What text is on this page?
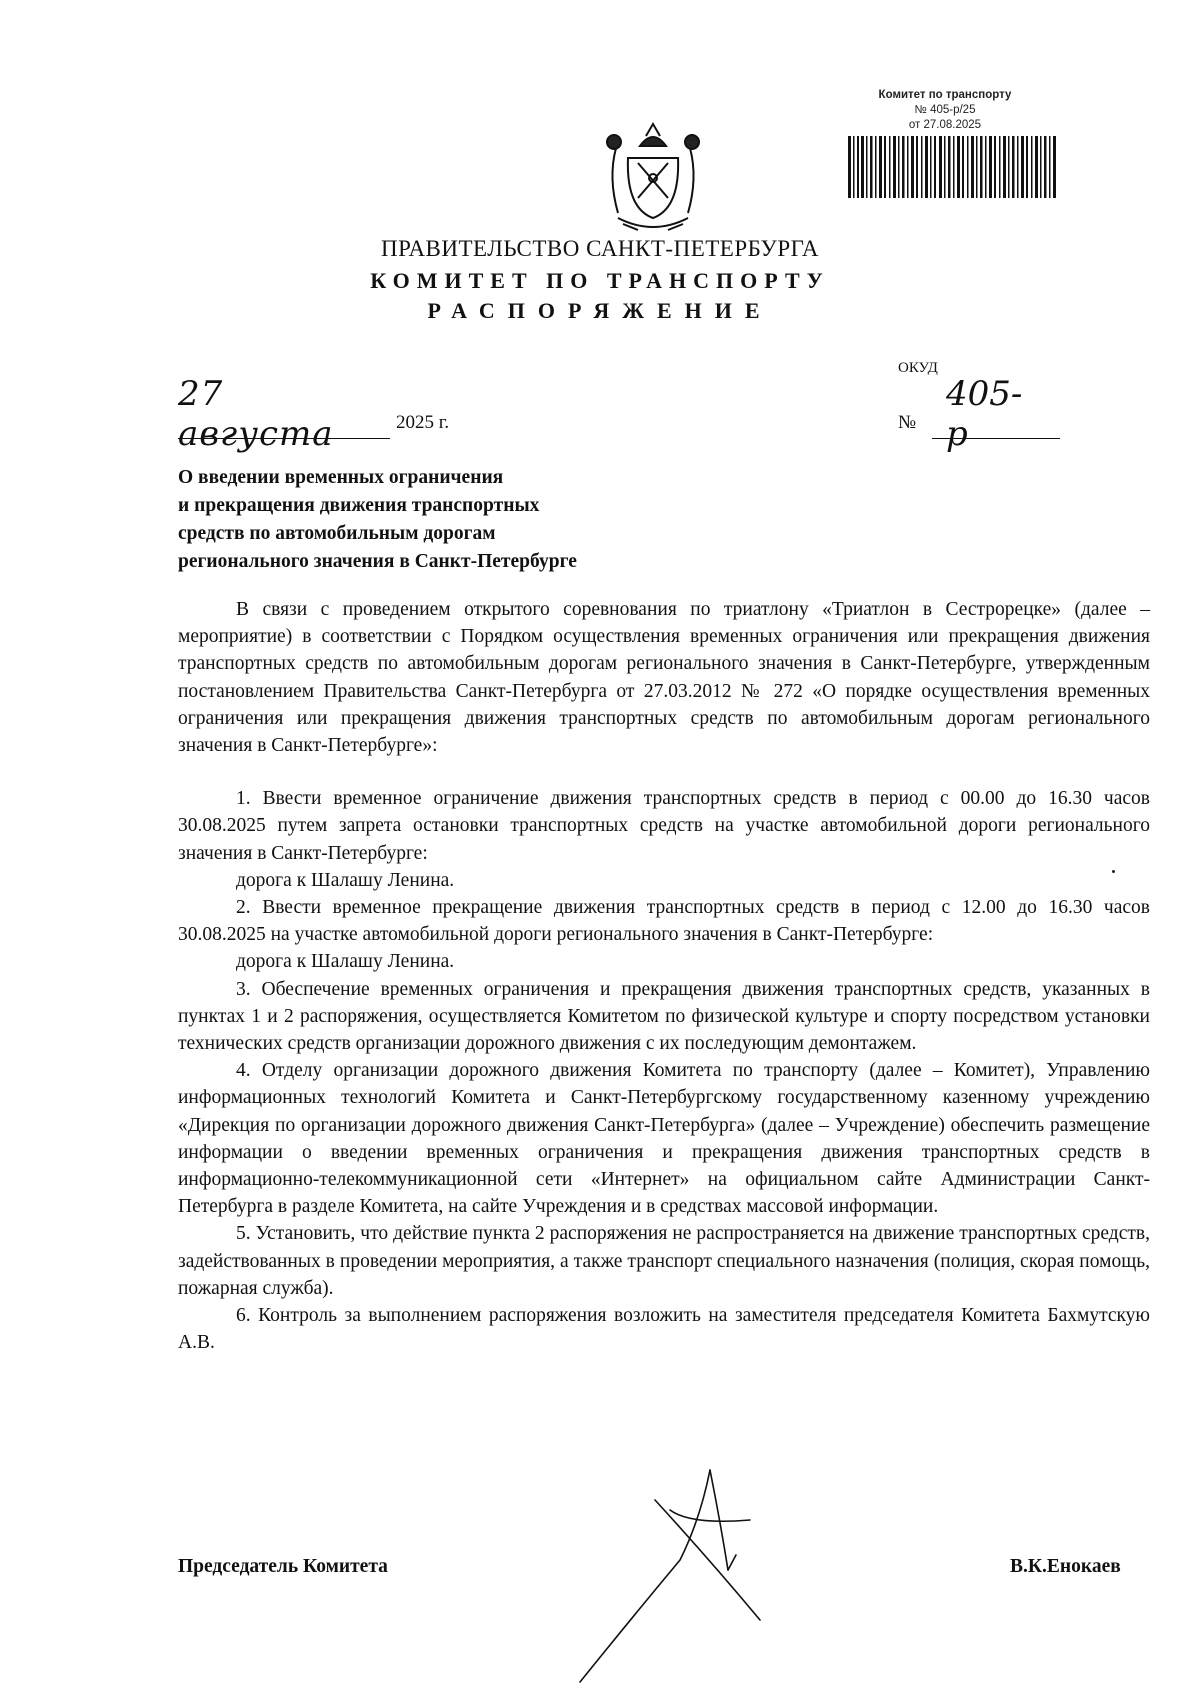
Комитет по транспорту
№ 405-р/25
от 27.08.2025
ПРАВИТЕЛЬСТВО САНКТ-ПЕТЕРБУРГА
КОМИТЕТ ПО ТРАНСПОРТУ
РАСПОРЯЖЕНИЕ
ОКУД
27 августа	2025 г.	№
405-р
О введении временных ограничения
и прекращения движения транспортных
средств по автомобильным дорогам
регионального значения в Санкт-Петербурге

В связи с проведением открытого соревнования по триатлону «Триатлон в Сестрорецке» (далее – мероприятие) в соответствии с Порядком осуществления временных ограничения или прекращения движения транспортных средств по автомобильным дорогам регионального значения в Санкт-Петербурге, утвержденным постановлением Правительства Санкт-Петербурга от 27.03.2012 № 272 «О порядке осуществления временных ограничения или прекращения движения транспортных средств по автомобильным дорогам регионального значения в Санкт-Петербурге»:

1. Ввести временное ограничение движения транспортных средств в период с 00.00 до 16.30 часов 30.08.2025 путем запрета остановки транспортных средств на участке автомобильной дороги регионального значения в Санкт-Петербурге:

дорога к Шалашу Ленина.

2. Ввести временное прекращение движения транспортных средств в период с 12.00 до 16.30 часов 30.08.2025 на участке автомобильной дороги регионального значения в Санкт-Петербурге:

дорога к Шалашу Ленина.

3. Обеспечение временных ограничения и прекращения движения транспортных средств, указанных в пунктах 1 и 2 распоряжения, осуществляется Комитетом по физической культуре и спорту посредством установки технических средств организации дорожного движения с их последующим демонтажем.

4. Отделу организации дорожного движения Комитета по транспорту (далее – Комитет), Управлению информационных технологий Комитета и Санкт-Петербургскому государственному казенному учреждению «Дирекция по организации дорожного движения Санкт-Петербурга» (далее – Учреждение) обеспечить размещение информации о введении временных ограничения и прекращения движения транспортных средств в информационно-телекоммуникационной сети «Интернет» на официальном сайте Администрации Санкт-Петербурга в разделе Комитета, на сайте Учреждения и в средствах массовой информации.

5. Установить, что действие пункта 2 распоряжения не распространяется на движение транспортных средств, задействованных в проведении мероприятия, а также транспорт специального назначения (полиция, скорая помощь, пожарная служба).

6. Контроль за выполнением распоряжения возложить на заместителя председателя Комитета Бахмутскую А.В.

Председатель Комитета	В.К.Енокаев
